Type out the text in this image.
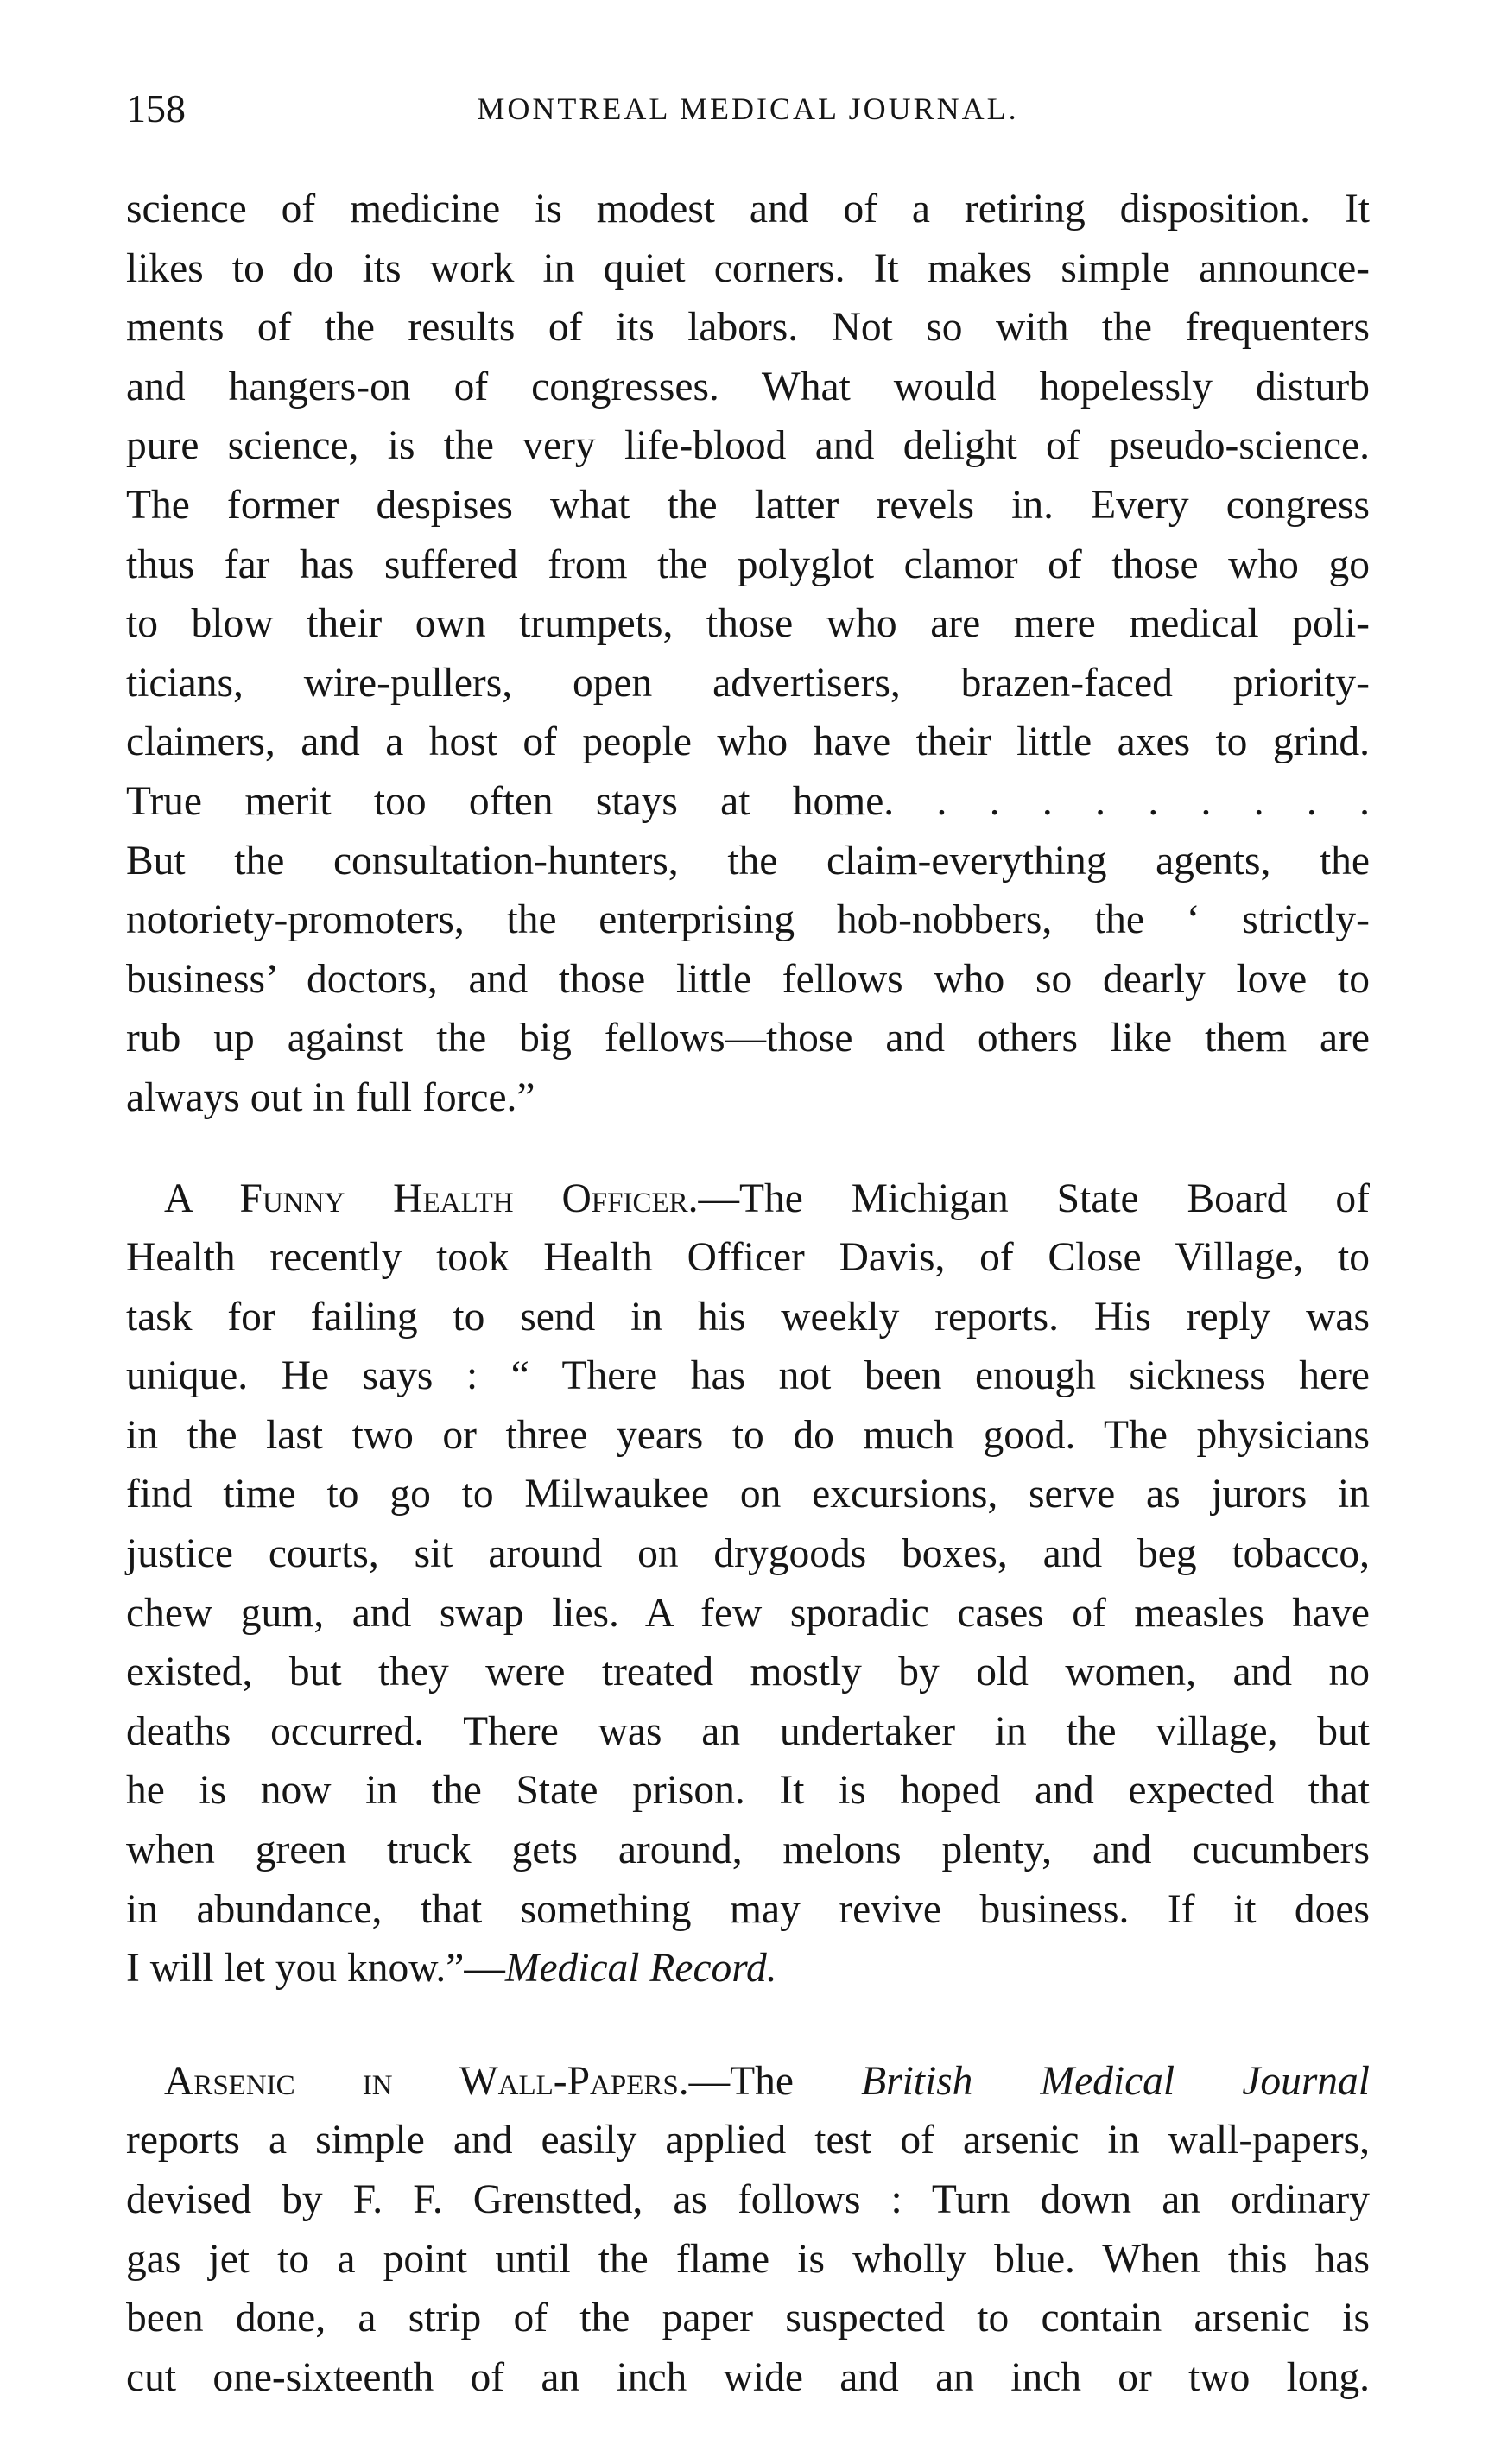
158	MONTREAL MEDICAL JOURNAL.
science of medicine is modest and of a retiring disposition. It
likes to do its work in quiet corners. It makes simple announce-
ments of the results of its labors. Not so with the frequenters
and hangers-on of congresses. What would hopelessly disturb
pure science, is the very life-blood and delight of pseudo-science.
The former despises what the latter revels in. Every congress
thus far has suffered from the polyglot clamor of those who go
to blow their own trumpets, those who are mere medical poli-
ticians, wire-pullers, open advertisers, brazen-faced priority-
claimers, and a host of people who have their little axes to grind.
True merit too often stays at home. . . . . . . . . .
But the consultation-hunters, the claim-everything agents, the
notoriety-promoters, the enterprising hob-nobbers, the ‘ strictly-
business’ doctors, and those little fellows who so dearly love to
rub up against the big fellows—those and others like them are
always out in full force.”
A Funny Health Officer.—The Michigan State Board of
Health recently took Health Officer Davis, of Close Village, to
task for failing to send in his weekly reports. His reply was
unique. He says : “ There has not been enough sickness here
in the last two or three years to do much good. The physicians
find time to go to Milwaukee on excursions, serve as jurors in
justice courts, sit around on drygoods boxes, and beg tobacco,
chew gum, and swap lies. A few sporadic cases of measles have
existed, but they were treated mostly by old women, and no
deaths occurred. There was an undertaker in the village, but
he is now in the State prison. It is hoped and expected that
when green truck gets around, melons plenty, and cucumbers
in abundance, that something may revive business. If it does
I will let you know.”—Medical Record.
Arsenic in Wall-Papers.—The British Medical Journal
reports a simple and easily applied test of arsenic in wall-papers,
devised by F. F. Grenstted, as follows : Turn down an ordinary
gas jet to a point until the flame is wholly blue. When this has
been done, a strip of the paper suspected to contain arsenic is
cut one-sixteenth of an inch wide and an inch or two long.
